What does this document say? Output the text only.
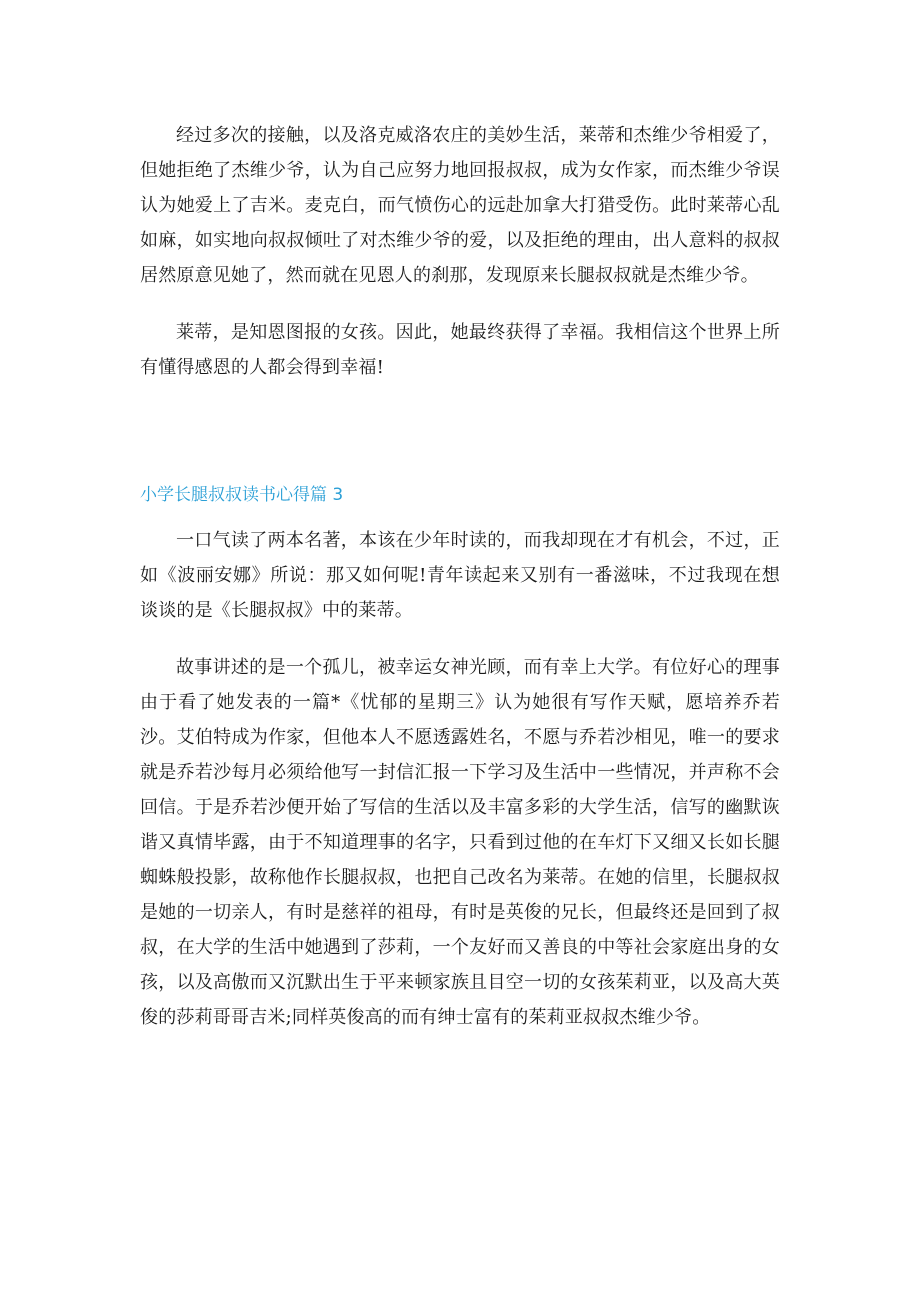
经过多次的接触，以及洛克威洛农庄的美妙生活，莱蒂和杰维少爷相爱了，但她拒绝了杰维少爷，认为自己应努力地回报叔叔，成为女作家，而杰维少爷误认为她爱上了吉米。麦克白，而气愤伤心的远赴加拿大打猎受伤。此时莱蒂心乱如麻，如实地向叔叔倾吐了对杰维少爷的爱，以及拒绝的理由，出人意料的叔叔居然原意见她了，然而就在见恩人的刹那，发现原来长腿叔叔就是杰维少爷。

莱蒂，是知恩图报的女孩。因此，她最终获得了幸福。我相信这个世界上所有懂得感恩的人都会得到幸福!

小学长腿叔叔读书心得篇 3

一口气读了两本名著，本该在少年时读的，而我却现在才有机会，不过，正如《波丽安娜》所说：那又如何呢!青年读起来又别有一番滋味，不过我现在想谈谈的是《长腿叔叔》中的莱蒂。

故事讲述的是一个孤儿，被幸运女神光顾，而有幸上大学。有位好心的理事由于看了她发表的一篇*《忧郁的星期三》认为她很有写作天赋，愿培养乔若沙。艾伯特成为作家，但他本人不愿透露姓名，不愿与乔若沙相见，唯一的要求就是乔若沙每月必须给他写一封信汇报一下学习及生活中一些情况，并声称不会回信。于是乔若沙便开始了写信的生活以及丰富多彩的大学生活，信写的幽默诙谐又真情毕露，由于不知道理事的名字，只看到过他的在车灯下又细又长如长腿蜘蛛般投影，故称他作长腿叔叔，也把自己改名为莱蒂。在她的信里，长腿叔叔是她的一切亲人，有时是慈祥的祖母，有时是英俊的兄长，但最终还是回到了叔叔，在大学的生活中她遇到了莎莉，一个友好而又善良的中等社会家庭出身的女孩，以及高傲而又沉默出生于平来顿家族且目空一切的女孩茱莉亚，以及高大英俊的莎莉哥哥吉米;同样英俊高的而有绅士富有的茱莉亚叔叔杰维少爷。
